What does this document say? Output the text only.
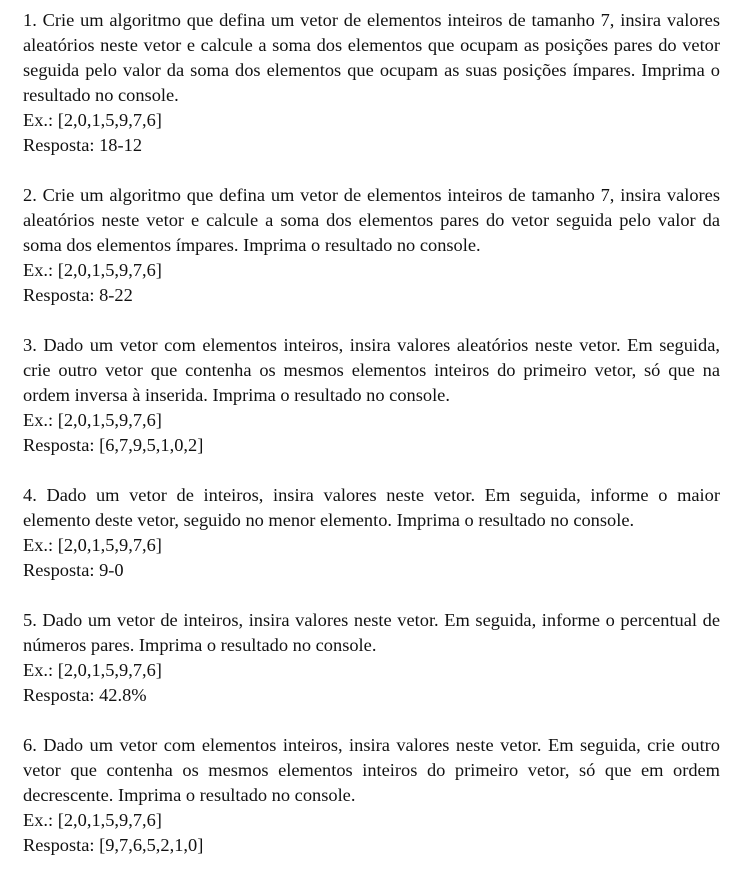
1. Crie um algoritmo que defina um vetor de elementos inteiros de tamanho 7, insira valores aleatórios neste vetor e calcule a soma dos elementos que ocupam as posições pares do vetor seguida pelo valor da soma dos elementos que ocupam as suas posições ímpares. Imprima o resultado no console.

Ex.: [2,0,1,5,9,7,6]

Resposta: 18-12

2. Crie um algoritmo que defina um vetor de elementos inteiros de tamanho 7, insira valores aleatórios neste vetor e calcule a soma dos elementos pares do vetor seguida pelo valor da soma dos elementos ímpares. Imprima o resultado no console.

Ex.: [2,0,1,5,9,7,6]

Resposta: 8-22

3. Dado um vetor com elementos inteiros, insira valores aleatórios neste vetor. Em seguida, crie outro vetor que contenha os mesmos elementos inteiros do primeiro vetor, só que na ordem inversa à inserida. Imprima o resultado no console.

Ex.: [2,0,1,5,9,7,6]

Resposta: [6,7,9,5,1,0,2]

4. Dado um vetor de inteiros, insira valores neste vetor. Em seguida, informe o maior elemento deste vetor, seguido no menor elemento. Imprima o resultado no console.

Ex.: [2,0,1,5,9,7,6]

Resposta: 9-0

5. Dado um vetor de inteiros, insira valores neste vetor. Em seguida, informe o percentual de números pares. Imprima o resultado no console.

Ex.: [2,0,1,5,9,7,6]

Resposta: 42.8%

6. Dado um vetor com elementos inteiros, insira valores neste vetor. Em seguida, crie outro vetor que contenha os mesmos elementos inteiros do primeiro vetor, só que em ordem decrescente. Imprima o resultado no console.

Ex.: [2,0,1,5,9,7,6]

Resposta: [9,7,6,5,2,1,0]
